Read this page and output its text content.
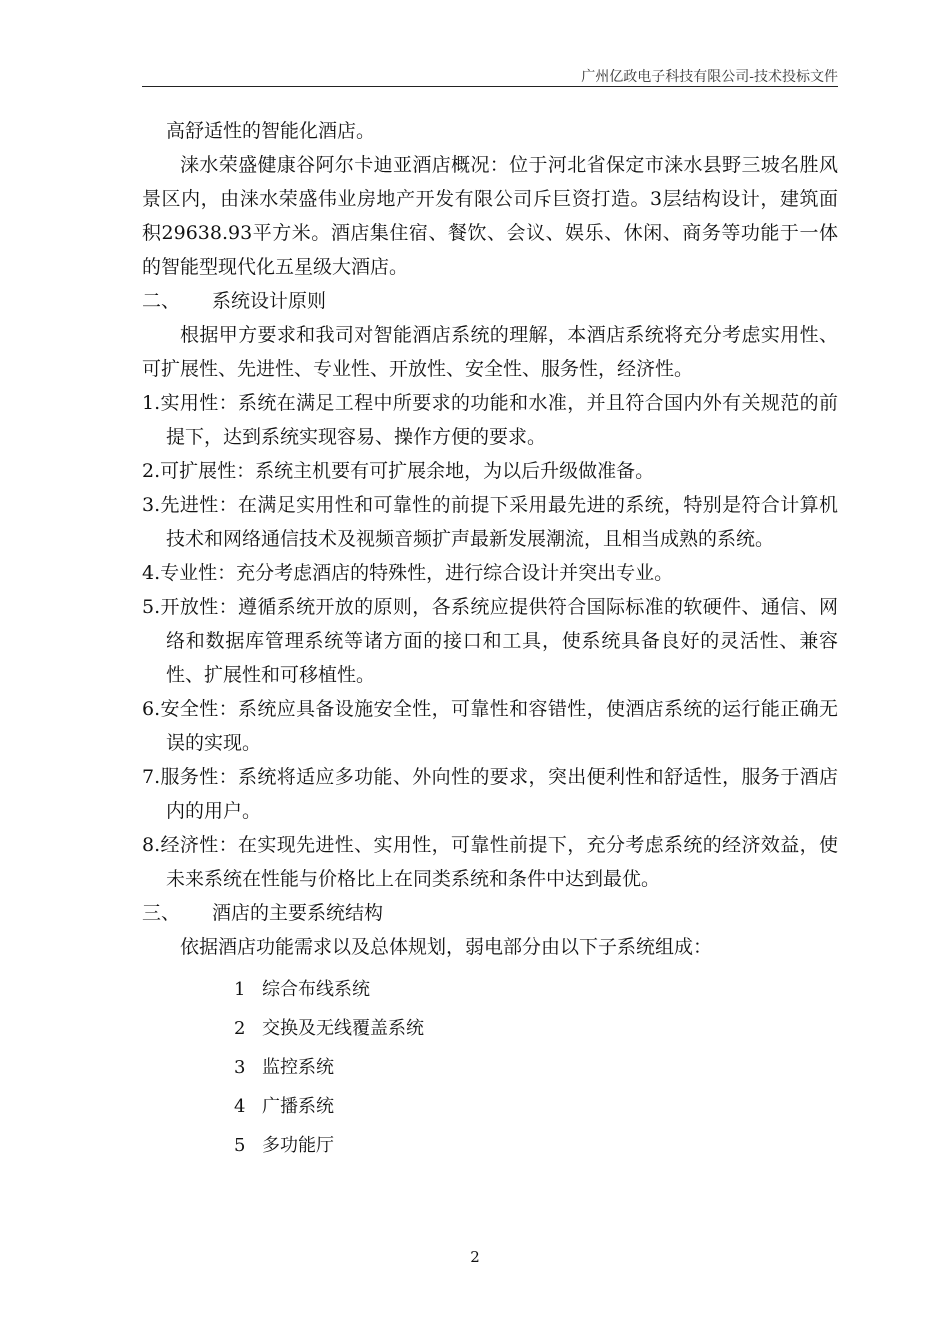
广州亿政电子科技有限公司-技术投标文件

高舒适性的智能化酒店。

涞水荣盛健康谷阿尔卡迪亚酒店概况：位于河北省保定市涞水县野三坡名胜风景区内，由涞水荣盛伟业房地产开发有限公司斥巨资打造。3层结构设计，建筑面积29638.93平方米。酒店集住宿、餐饮、会议、娱乐、休闲、商务等功能于一体的智能型现代化五星级大酒店。

二、 系统设计原则

根据甲方要求和我司对智能酒店系统的理解，本酒店系统将充分考虑实用性、可扩展性、先进性、专业性、开放性、安全性、服务性，经济性。

1.实用性：系统在满足工程中所要求的功能和水准，并且符合国内外有关规范的前提下，达到系统实现容易、操作方便的要求。

2.可扩展性：系统主机要有可扩展余地，为以后升级做准备。

3.先进性：在满足实用性和可靠性的前提下采用最先进的系统，特别是符合计算机技术和网络通信技术及视频音频扩声最新发展潮流，且相当成熟的系统。

4.专业性：充分考虑酒店的特殊性，进行综合设计并突出专业。

5.开放性：遵循系统开放的原则，各系统应提供符合国际标准的软硬件、通信、网络和数据库管理系统等诸方面的接口和工具，使系统具备良好的灵活性、兼容性、扩展性和可移植性。

6.安全性：系统应具备设施安全性，可靠性和容错性，使酒店系统的运行能正确无误的实现。

7.服务性：系统将适应多功能、外向性的要求，突出便利性和舒适性，服务于酒店内的用户。

8.经济性：在实现先进性、实用性，可靠性前提下，充分考虑系统的经济效益，使未来系统在性能与价格比上在同类系统和条件中达到最优。

三、 酒店的主要系统结构

依据酒店功能需求以及总体规划，弱电部分由以下子系统组成：

1 综合布线系统

2 交换及无线覆盖系统

3 监控系统

4 广播系统

5 多功能厅

2
